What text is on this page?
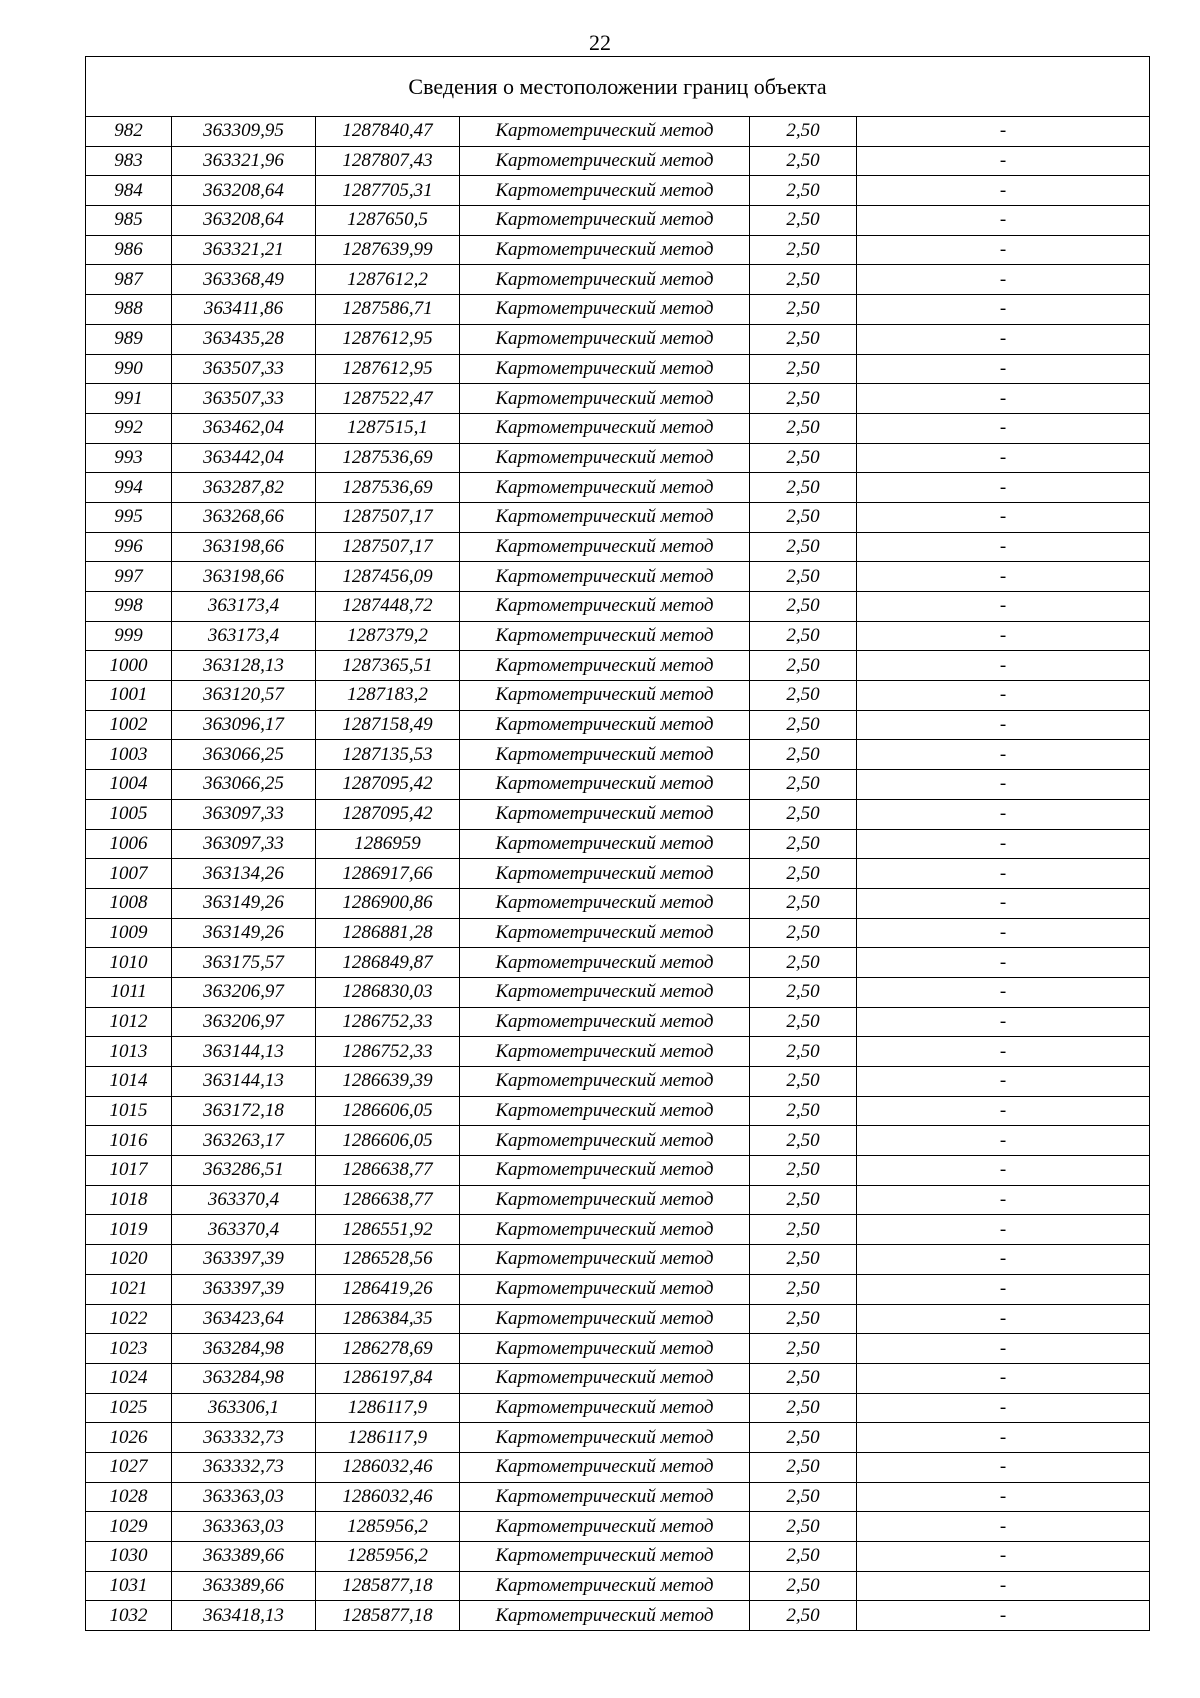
22
Сведения о местоположении границ объекта					
982	363309,95	1287840,47	Картометрический метод	2,50	-
983	363321,96	1287807,43	Картометрический метод	2,50	-
984	363208,64	1287705,31	Картометрический метод	2,50	-
985	363208,64	1287650,5	Картометрический метод	2,50	-
986	363321,21	1287639,99	Картометрический метод	2,50	-
987	363368,49	1287612,2	Картометрический метод	2,50	-
988	363411,86	1287586,71	Картометрический метод	2,50	-
989	363435,28	1287612,95	Картометрический метод	2,50	-
990	363507,33	1287612,95	Картометрический метод	2,50	-
991	363507,33	1287522,47	Картометрический метод	2,50	-
992	363462,04	1287515,1	Картометрический метод	2,50	-
993	363442,04	1287536,69	Картометрический метод	2,50	-
994	363287,82	1287536,69	Картометрический метод	2,50	-
995	363268,66	1287507,17	Картометрический метод	2,50	-
996	363198,66	1287507,17	Картометрический метод	2,50	-
997	363198,66	1287456,09	Картометрический метод	2,50	-
998	363173,4	1287448,72	Картометрический метод	2,50	-
999	363173,4	1287379,2	Картометрический метод	2,50	-
1000	363128,13	1287365,51	Картометрический метод	2,50	-
1001	363120,57	1287183,2	Картометрический метод	2,50	-
1002	363096,17	1287158,49	Картометрический метод	2,50	-
1003	363066,25	1287135,53	Картометрический метод	2,50	-
1004	363066,25	1287095,42	Картометрический метод	2,50	-
1005	363097,33	1287095,42	Картометрический метод	2,50	-
1006	363097,33	1286959	Картометрический метод	2,50	-
1007	363134,26	1286917,66	Картометрический метод	2,50	-
1008	363149,26	1286900,86	Картометрический метод	2,50	-
1009	363149,26	1286881,28	Картометрический метод	2,50	-
1010	363175,57	1286849,87	Картометрический метод	2,50	-
1011	363206,97	1286830,03	Картометрический метод	2,50	-
1012	363206,97	1286752,33	Картометрический метод	2,50	-
1013	363144,13	1286752,33	Картометрический метод	2,50	-
1014	363144,13	1286639,39	Картометрический метод	2,50	-
1015	363172,18	1286606,05	Картометрический метод	2,50	-
1016	363263,17	1286606,05	Картометрический метод	2,50	-
1017	363286,51	1286638,77	Картометрический метод	2,50	-
1018	363370,4	1286638,77	Картометрический метод	2,50	-
1019	363370,4	1286551,92	Картометрический метод	2,50	-
1020	363397,39	1286528,56	Картометрический метод	2,50	-
1021	363397,39	1286419,26	Картометрический метод	2,50	-
1022	363423,64	1286384,35	Картометрический метод	2,50	-
1023	363284,98	1286278,69	Картометрический метод	2,50	-
1024	363284,98	1286197,84	Картометрический метод	2,50	-
1025	363306,1	1286117,9	Картометрический метод	2,50	-
1026	363332,73	1286117,9	Картометрический метод	2,50	-
1027	363332,73	1286032,46	Картометрический метод	2,50	-
1028	363363,03	1286032,46	Картометрический метод	2,50	-
1029	363363,03	1285956,2	Картометрический метод	2,50	-
1030	363389,66	1285956,2	Картометрический метод	2,50	-
1031	363389,66	1285877,18	Картометрический метод	2,50	-
1032	363418,13	1285877,18	Картометрический метод	2,50	-
